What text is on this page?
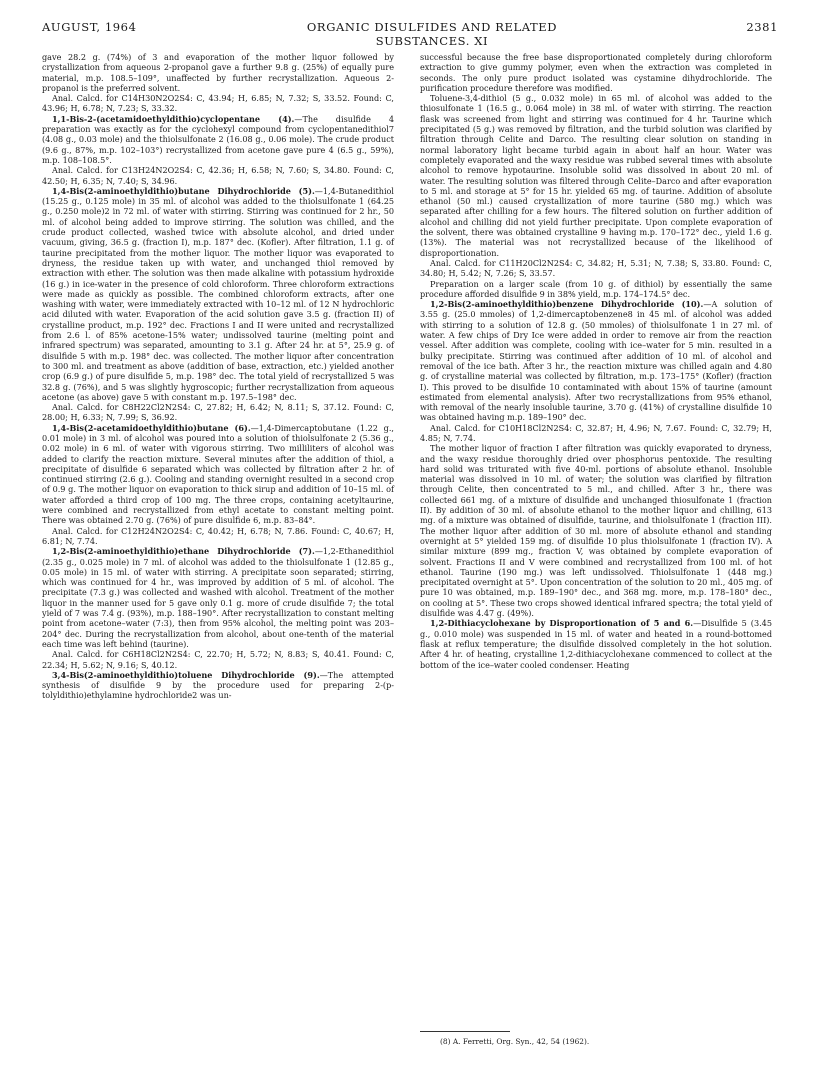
AUGUST, 1964	ORGANIC DISULFIDES AND RELATED SUBSTANCES. XI
2381

gave 28.2 g. (74%) of 3 and evaporation of the mother liquor followed by crystallization from aqueous 2-propanol gave a further 9.8 g. (25%) of equally pure material, m.p. 108.5–109°, unaffected by further recrystallization. Aqueous 2-propanol is the preferred solvent.

Anal. Calcd. for C14H30N2O2S4: C, 43.94; H, 6.85; N, 7.32; S, 33.52. Found: C, 43.96; H, 6.78; N, 7.23; S, 33.32.

1,1-Bis-2-(acetamidoethyldithio)cyclopentane (4).—The disulfide 4 preparation was exactly as for the cyclohexyl compound from cyclopentanedithiol7 (4.08 g., 0.03 mole) and the thiolsulfonate 2 (16.08 g., 0.06 mole). The crude product (9.6 g., 87%, m.p. 102–103°) recrystallized from acetone gave pure 4 (6.5 g., 59%), m.p. 108–108.5°.

Anal. Calcd. for C13H24N2O2S4: C, 42.36; H, 6.58; N, 7.60; S, 34.80. Found: C, 42.50; H, 6.35; N, 7.40; S, 34.96.

1,4-Bis(2-aminoethyldithio)butane Dihydrochloride (5).—1,4-Butanedithiol (15.25 g., 0.125 mole) in 35 ml. of alcohol was added to the thiolsulfonate 1 (64.25 g., 0.250 mole)2 in 72 ml. of water with stirring. Stirring was continued for 2 hr., 50 ml. of alcohol being added to improve stirring. The solution was chilled, and the crude product collected, washed twice with absolute alcohol, and dried under vacuum, giving, 36.5 g. (fraction I), m.p. 187° dec. (Kofler). After filtration, 1.1 g. of taurine precipitated from the mother liquor. The mother liquor was evaporated to dryness, the residue taken up with water, and unchanged thiol removed by extraction with ether. The solution was then made alkaline with potassium hydroxide (16 g.) in ice-water in the presence of cold chloroform. Three chloroform extractions were made as quickly as possible. The combined chloroform extracts, after one washing with water, were immediately extracted with 10–12 ml. of 12 N hydrochloric acid diluted with water. Evaporation of the acid solution gave 3.5 g. (fraction II) of crystalline product, m.p. 192° dec. Fractions I and II were united and recrystallized from 2.6 l. of 85% acetone-15% water; undissolved taurine (melting point and infrared spectrum) was separated, amounting to 3.1 g. After 24 hr. at 5°, 25.9 g. of disulfide 5 with m.p. 198° dec. was collected. The mother liquor after concentration to 300 ml. and treatment as above (addition of base, extraction, etc.) yielded another crop (6.9 g.) of pure disulfide 5, m.p. 198° dec. The total yield of recrystallized 5 was 32.8 g. (76%), and 5 was slightly hygroscopic; further recrystallization from aqueous acetone (as above) gave 5 with constant m.p. 197.5–198° dec.

Anal. Calcd. for C8H22Cl2N2S4: C, 27.82; H, 6.42; N, 8.11; S, 37.12. Found: C, 28.00; H, 6.33; N, 7.99; S, 36.92.

1,4-Bis(2-acetamidoethyldithio)butane (6).—1,4-Dimercaptobutane (1.22 g., 0.01 mole) in 3 ml. of alcohol was poured into a solution of thiolsulfonate 2 (5.36 g., 0.02 mole) in 6 ml. of water with vigorous stirring. Two milliliters of alcohol was added to clarify the reaction mixture. Several minutes after the addition of thiol, a precipitate of disulfide 6 separated which was collected by filtration after 2 hr. of continued stirring (2.6 g.). Cooling and standing overnight resulted in a second crop of 0.9 g. The mother liquor on evaporation to thick sirup and addition of 10–15 ml. of water afforded a third crop of 100 mg. The three crops, containing acetyltaurine, were combined and recrystallized from ethyl acetate to constant melting point. There was obtained 2.70 g. (76%) of pure disulfide 6, m.p. 83–84°.

Anal. Calcd. for C12H24N2O2S4: C, 40.42; H, 6.78; N, 7.86. Found: C, 40.67; H, 6.81; N, 7.74.

1,2-Bis(2-aminoethyldithio)ethane Dihydrochloride (7).—1,2-Ethanedithiol (2.35 g., 0.025 mole) in 7 ml. of alcohol was added to the thiolsulfonate 1 (12.85 g., 0.05 mole) in 15 ml. of water with stirring. A precipitate soon separated; stirring, which was continued for 4 hr., was improved by addition of 5 ml. of alcohol. The precipitate (7.3 g.) was collected and washed with alcohol. Treatment of the mother liquor in the manner used for 5 gave only 0.1 g. more of crude disulfide 7; the total yield of 7 was 7.4 g. (93%), m.p. 188–190°. After recrystallization to constant melting point from acetone–water (7:3), then from 95% alcohol, the melting point was 203–204° dec. During the recrystallization from alcohol, about one-tenth of the material each time was left behind (taurine).

Anal. Calcd. for C6H18Cl2N2S4: C, 22.70; H, 5.72; N, 8.83; S, 40.41. Found: C, 22.34; H, 5.62; N, 9.16; S, 40.12.

3,4-Bis(2-aminoethyldithio)toluene Dihydrochloride (9).—The attempted synthesis of disulfide 9 by the procedure used for preparing 2-(p-tolyldithio)ethylamine hydrochloride2 was un-

successful because the free base disproportionated completely during chloroform extraction to give gummy polymer, even when the extraction was completed in seconds. The only pure product isolated was cystamine dihydrochloride. The purification procedure therefore was modified.

Toluene-3,4-dithiol (5 g., 0.032 mole) in 65 ml. of alcohol was added to the thiosulfonate 1 (16.5 g., 0.064 mole) in 38 ml. of water with stirring. The reaction flask was screened from light and stirring was continued for 4 hr. Taurine which precipitated (5 g.) was removed by filtration, and the turbid solution was clarified by filtration through Celite and Darco. The resulting clear solution on standing in normal laboratory light became turbid again in about half an hour. Water was completely evaporated and the waxy residue was rubbed several times with absolute alcohol to remove hypotaurine. Insoluble solid was dissolved in about 20 ml. of water. The resulting solution was filtered through Celite–Darco and after evaporation to 5 ml. and storage at 5° for 15 hr. yielded 65 mg. of taurine. Addition of absolute ethanol (50 ml.) caused crystallization of more taurine (580 mg.) which was separated after chilling for a few hours. The filtered solution on further addition of alcohol and chilling did not yield further precipitate. Upon complete evaporation of the solvent, there was obtained crystalline 9 having m.p. 170–172° dec., yield 1.6 g. (13%). The material was not recrystallized because of the likelihood of disproportionation.

Anal. Calcd. for C11H20Cl2N2S4: C, 34.82; H, 5.31; N, 7.38; S, 33.80. Found: C, 34.80; H, 5.42; N, 7.26; S, 33.57.

Preparation on a larger scale (from 10 g. of dithiol) by essentially the same procedure afforded disulfide 9 in 38% yield, m.p. 174–174.5° dec.

1,2-Bis(2-aminoethyldithio)benzene Dihydrochloride (10).—A solution of 3.55 g. (25.0 mmoles) of 1,2-dimercaptobenzene8 in 45 ml. of alcohol was added with stirring to a solution of 12.8 g. (50 mmoles) of thiolsulfonate 1 in 27 ml. of water. A few chips of Dry Ice were added in order to remove air from the reaction vessel. After addition was complete, cooling with ice–water for 5 min. resulted in a bulky precipitate. Stirring was continued after addition of 10 ml. of alcohol and removal of the ice bath. After 3 hr., the reaction mixture was chilled again and 4.80 g. of crystalline material was collected by filtration, m.p. 173–175° (Kofler) (fraction I). This proved to be disulfide 10 contaminated with about 15% of taurine (amount estimated from elemental analysis). After two recrystallizations from 95% ethanol, with removal of the nearly insoluble taurine, 3.70 g. (41%) of crystalline disulfide 10 was obtained having m.p. 189–190° dec.

Anal. Calcd. for C10H18Cl2N2S4: C, 32.87; H, 4.96; N, 7.67. Found: C, 32.79; H, 4.85; N, 7.74.

The mother liquor of fraction I after filtration was quickly evaporated to dryness, and the waxy residue thoroughly dried over phosphorus pentoxide. The resulting hard solid was triturated with five 40-ml. portions of absolute ethanol. Insoluble material was dissolved in 10 ml. of water; the solution was clarified by filtration through Celite, then concentrated to 5 ml., and chilled. After 3 hr., there was collected 661 mg. of a mixture of disulfide and unchanged thiosulfonate 1 (fraction II). By addition of 30 ml. of absolute ethanol to the mother liquor and chilling, 613 mg. of a mixture was obtained of disulfide, taurine, and thiolsulfonate 1 (fraction III). The mother liquor after addition of 30 ml. more of absolute ethanol and standing overnight at 5° yielded 159 mg. of disulfide 10 plus thiolsulfonate 1 (fraction IV). A similar mixture (899 mg., fraction V, was obtained by complete evaporation of solvent. Fractions II and V were combined and recrystallized from 100 ml. of hot ethanol. Taurine (190 mg.) was left undissolved. Thiolsulfonate 1 (448 mg.) precipitated overnight at 5°. Upon concentration of the solution to 20 ml., 405 mg. of pure 10 was obtained, m.p. 189–190° dec., and 368 mg. more, m.p. 178–180° dec., on cooling at 5°. These two crops showed identical infrared spectra; the total yield of disulfide was 4.47 g. (49%).

1,2-Dithiacyclohexane by Disproportionation of 5 and 6.—Disulfide 5 (3.45 g., 0.010 mole) was suspended in 15 ml. of water and heated in a round-bottomed flask at reflux temperature; the disulfide dissolved completely in the hot solution. After 4 hr. of heating, crystalline 1,2-dithiacyclohexane commenced to collect at the bottom of the ice–water cooled condenser. Heating

(8) A. Ferretti, Org. Syn., 42, 54 (1962).
